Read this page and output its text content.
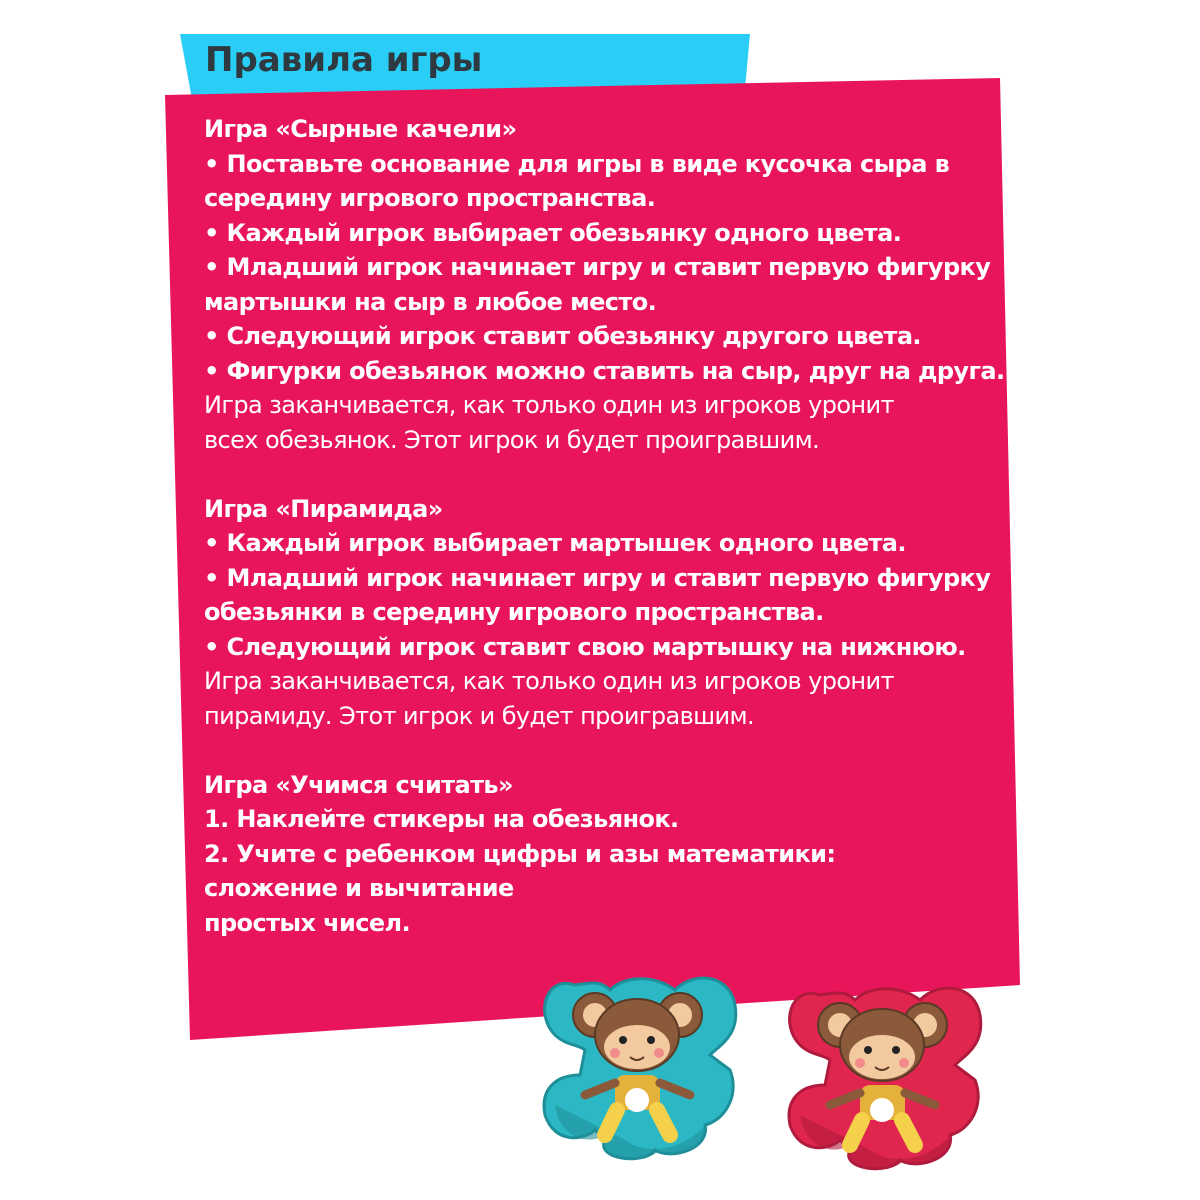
Правила игры
Игра «Сырные качели»
• Поставьте основание для игры в виде кусочка сыра в
середину игрового пространства.
• Каждый игрок выбирает обезьянку одного цвета.
• Младший игрок начинает игру и ставит первую фигурку
мартышки на сыр в любое место.
• Следующий игрок ставит обезьянку другого цвета.
• Фигурки обезьянок можно ставить на сыр, друг на друга.
Игра заканчивается, как только один из игроков уронит
всех обезьянок. Этот игрок и будет проигравшим.
Игра «Пирамида»
• Каждый игрок выбирает мартышек одного цвета.
• Младший игрок начинает игру и ставит первую фигурку
обезьянки в середину игрового пространства.
• Следующий игрок ставит свою мартышку на нижнюю.
Игра заканчивается, как только один из игроков уронит
пирамиду. Этот игрок и будет проигравшим.
Игра «Учимся считать»
1. Наклейте стикеры на обезьянок.
2. Учите с ребенком цифры и азы математики:
сложение и вычитание
простых чисел.
